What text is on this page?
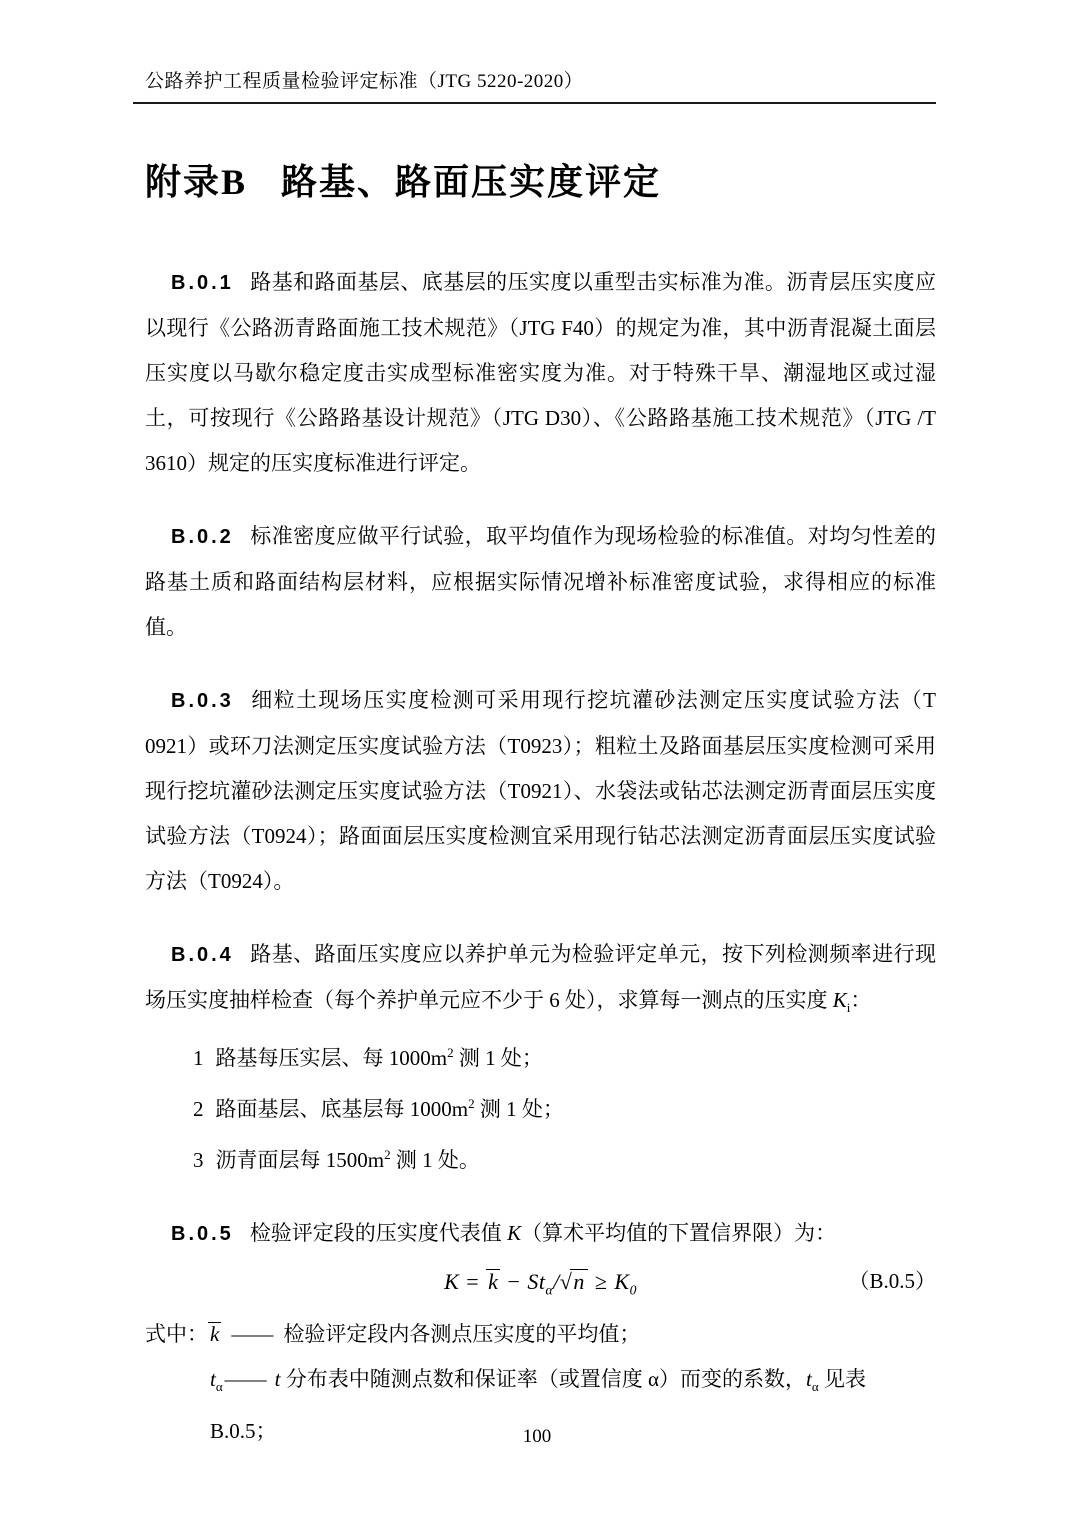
公路养护工程质量检验评定标准（JTG 5220-2020）
附录B 路基、路面压实度评定

B.0.1 路基和路面基层、底基层的压实度以重型击实标准为准。沥青层压实度应以现行《公路沥青路面施工技术规范》（JTG F40）的规定为准，其中沥青混凝土面层压实度以马歇尔稳定度击实成型标准密实度为准。对于特殊干旱、潮湿地区或过湿土，可按现行《公路路基设计规范》（JTG D30）、《公路路基施工技术规范》（JTG /T 3610）规定的压实度标准进行评定。

B.0.2 标准密度应做平行试验，取平均值作为现场检验的标准值。对均匀性差的路基土质和路面结构层材料，应根据实际情况增补标准密度试验，求得相应的标准值。

B.0.3 细粒土现场压实度检测可采用现行挖坑灌砂法测定压实度试验方法（T 0921）或环刀法测定压实度试验方法（T0923）；粗粒土及路面基层压实度检测可采用现行挖坑灌砂法测定压实度试验方法（T0921）、水袋法或钻芯法测定沥青面层压实度试验方法（T0924）；路面面层压实度检测宜采用现行钻芯法测定沥青面层压实度试验方法（T0924）。

B.0.4 路基、路面压实度应以养护单元为检验评定单元，按下列检测频率进行现场压实度抽样检查（每个养护单元应不少于 6 处），求算每一测点的压实度 $K_i$：

1 路基每压实层、每 $1000m^2$ 测 1 处；

2 路面基层、底基层每 $1000m^2$ 测 1 处；

3 沥青面层每 $1500m^2$ 测 1 处。

B.0.5 检验评定段的压实度代表值 K（算术平均值的下置信界限）为：

$K = k - St_\alpha/√n \ge K_0$	（B.0.5）

式中：k —— 检验评定段内各测点压实度的平均值；

$t_\alpha——$ t 分布表中随测点数和保证率（或置信度 α）而变的系数，$t_\alpha$ 见表 B.0.5；	100
